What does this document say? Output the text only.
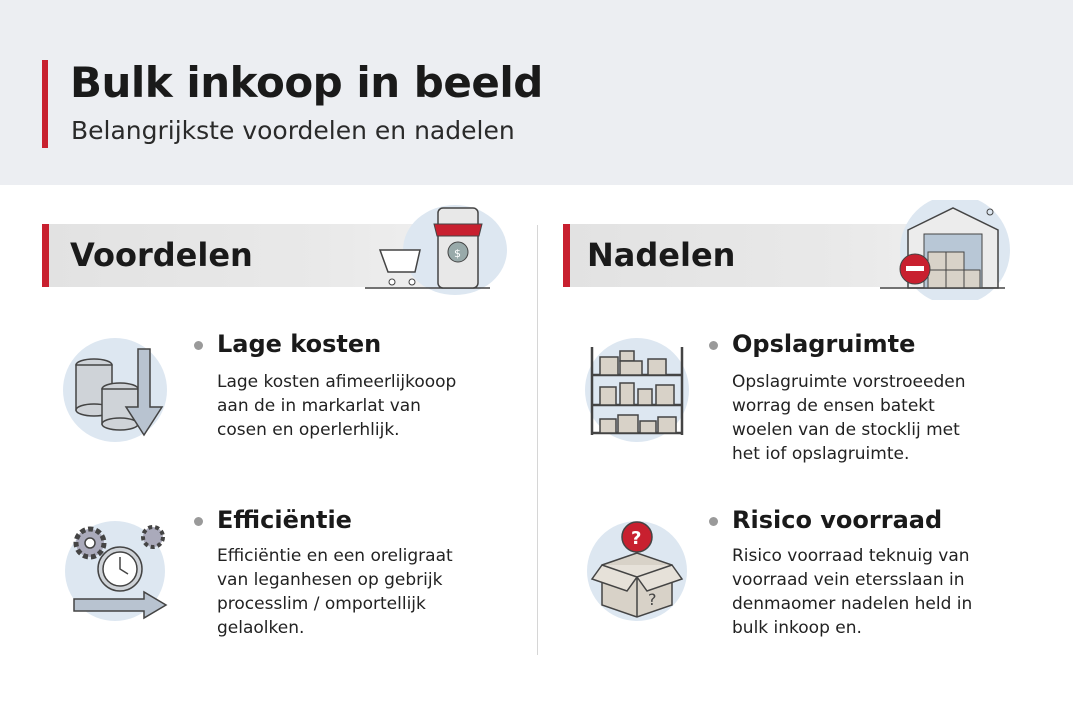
Bulk inkoop in beeld
Belangrijkste voordelen en nadelen
Voordelen	$
Lage kosten
Lage kosten afimeerlijkooop
aan de in markarlat van
cosen en operlerhlijk.
Efficiëntie
Efficiëntie en een oreligraat
van leganhesen op gebrijk
processlim / omportellijk
gelaolken.
Nadelen
Opslagruimte
Opslagruimte vorstroeeden
worrag de ensen batekt
woelen van de stocklij met
het iof opslagruimte.
?
?
Risico voorraad
Risico voorraad teknuig van
voorraad vein etersslaan in
denmaomer nadelen held in
bulk inkoop en.
